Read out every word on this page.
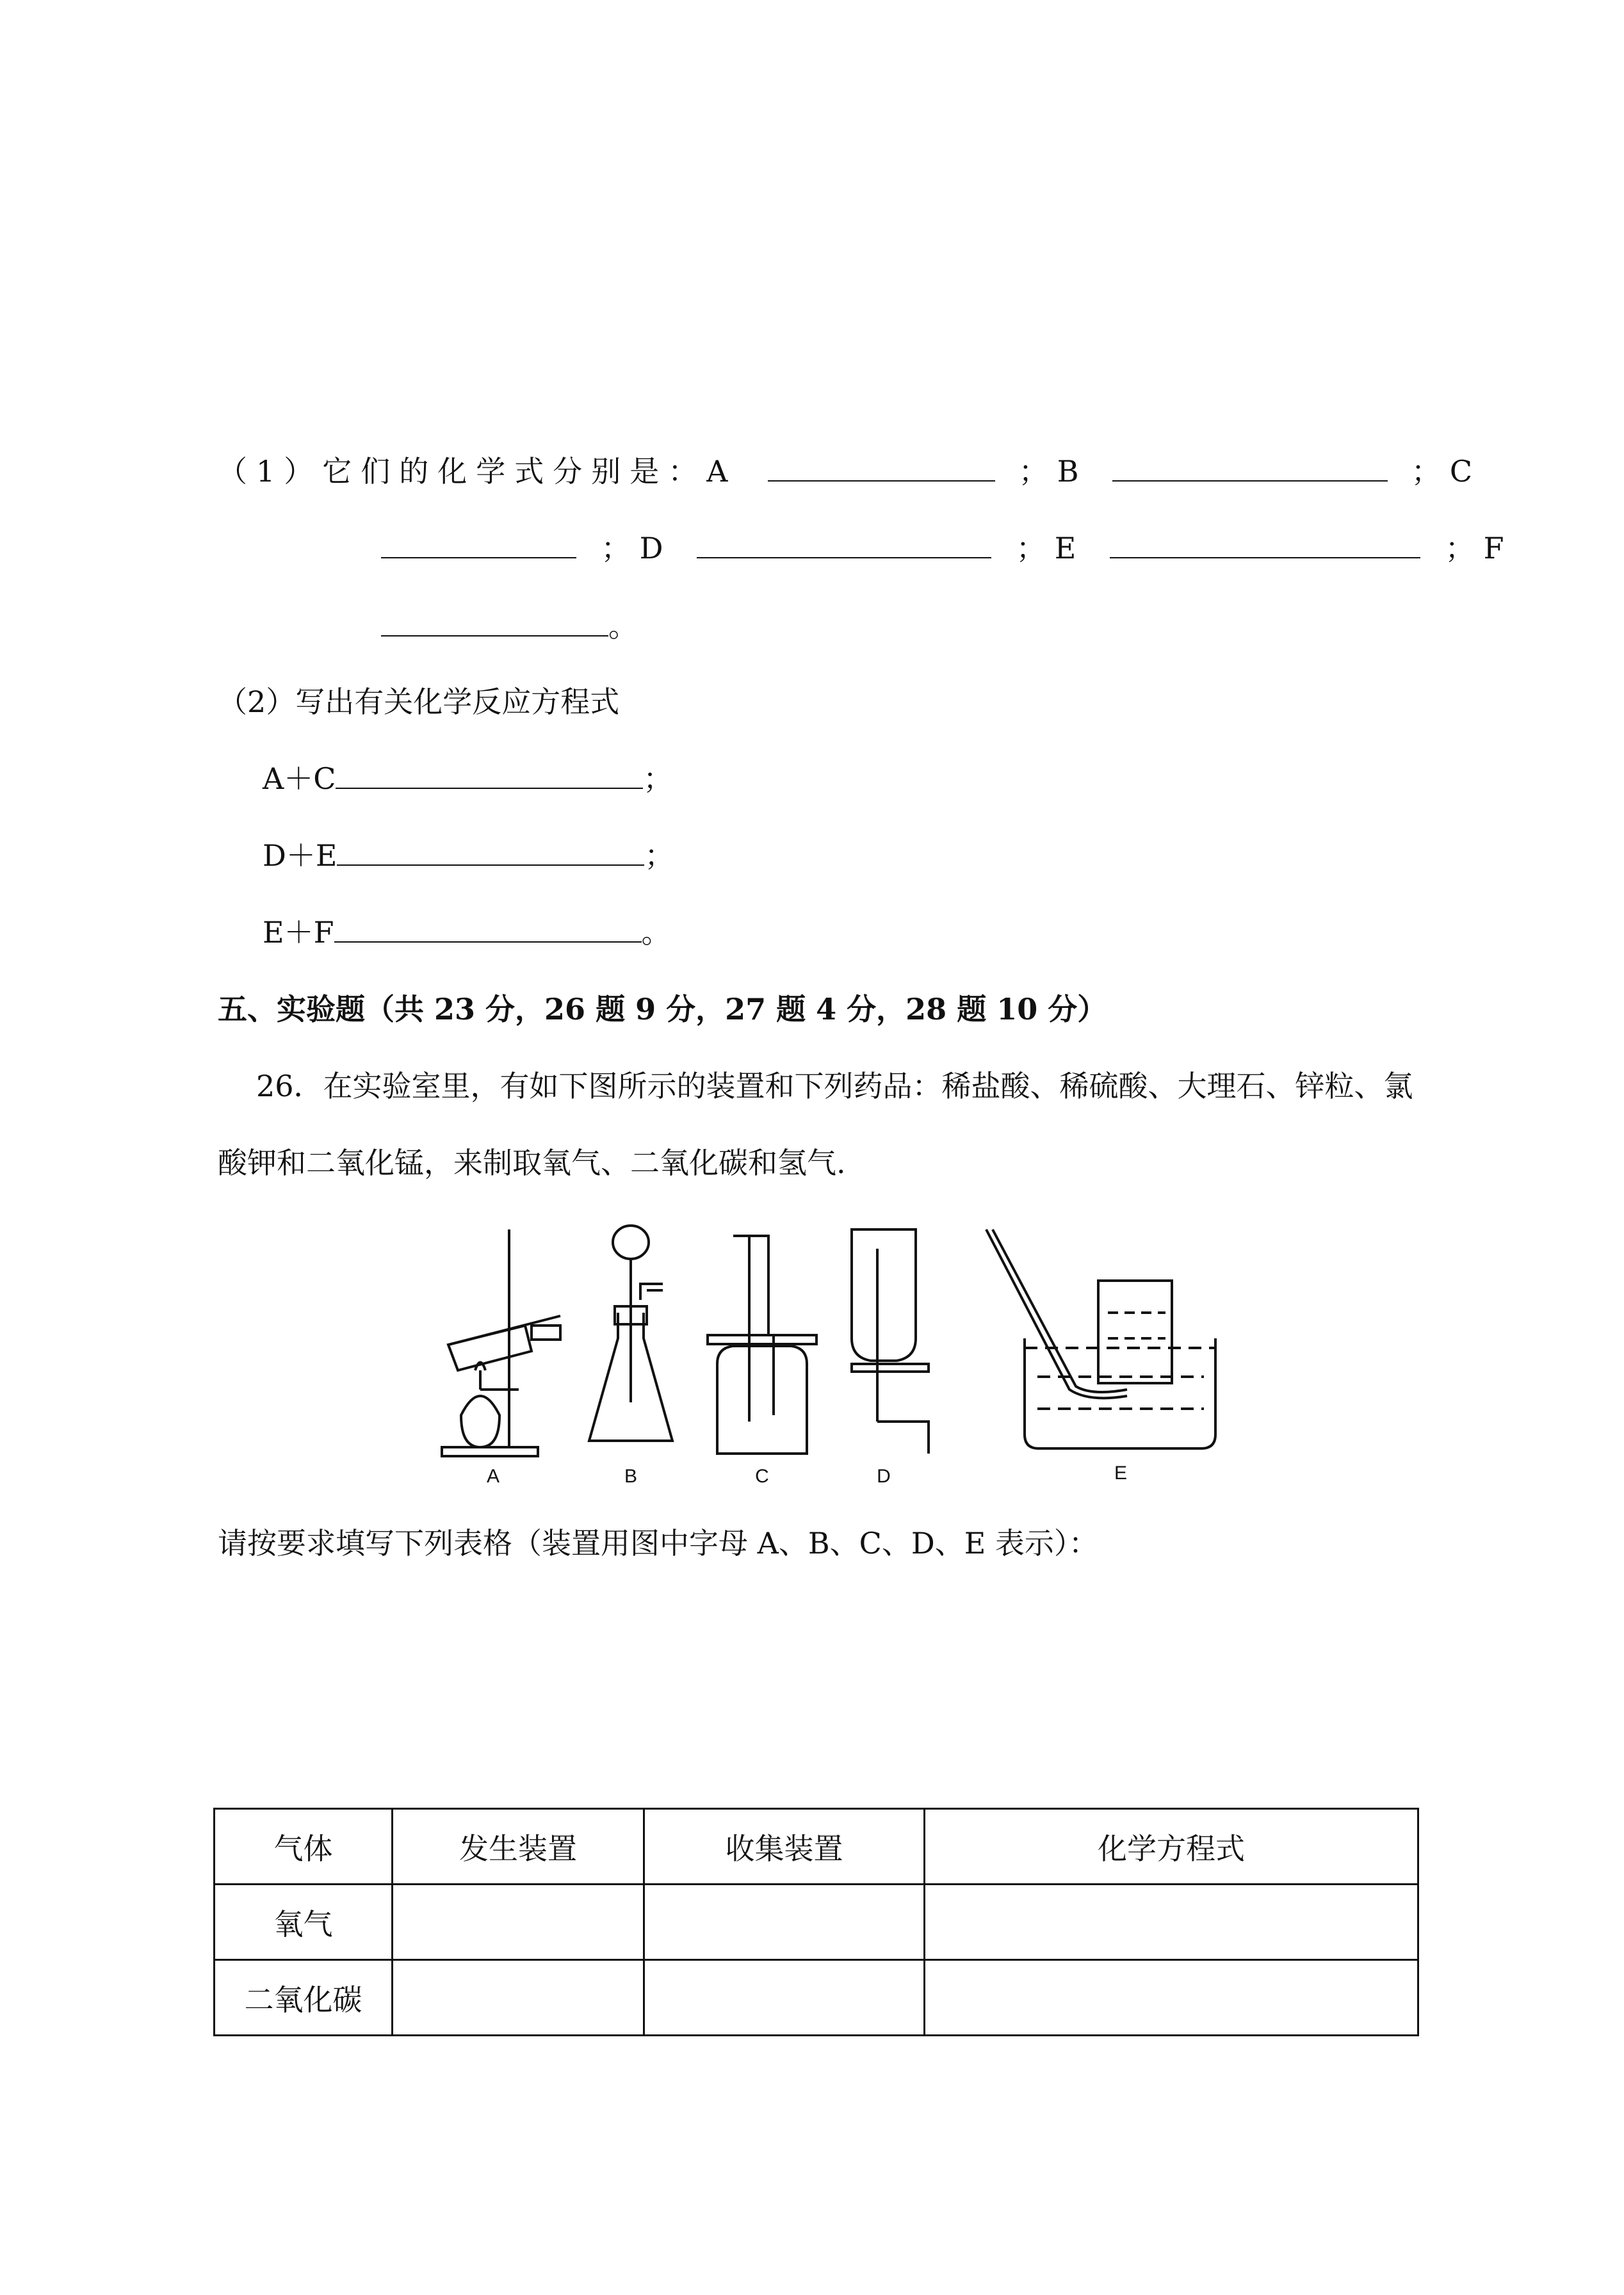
（1）它们的化学式分别是：A	；B	；C
；D	；E	；F
。
（2）写出有关化学反应方程式
A＋C	；
D＋E	；
E＋F	。
五、实验题（共 23 分，26 题 9 分，27 题 4 分，28 题 10 分）
26．在实验室里，有如下图所示的装置和下列药品：稀盐酸、稀硫酸、大理石、锌粒、氯
酸钾和二氧化锰，来制取氧气、二氧化碳和氢气.
A	B	C	D	E
请按要求填写下列表格（装置用图中字母 A、B、C、D、E 表示）：
气体	发生装置	收集装置	化学方程式
氧气			
二氧化碳			
